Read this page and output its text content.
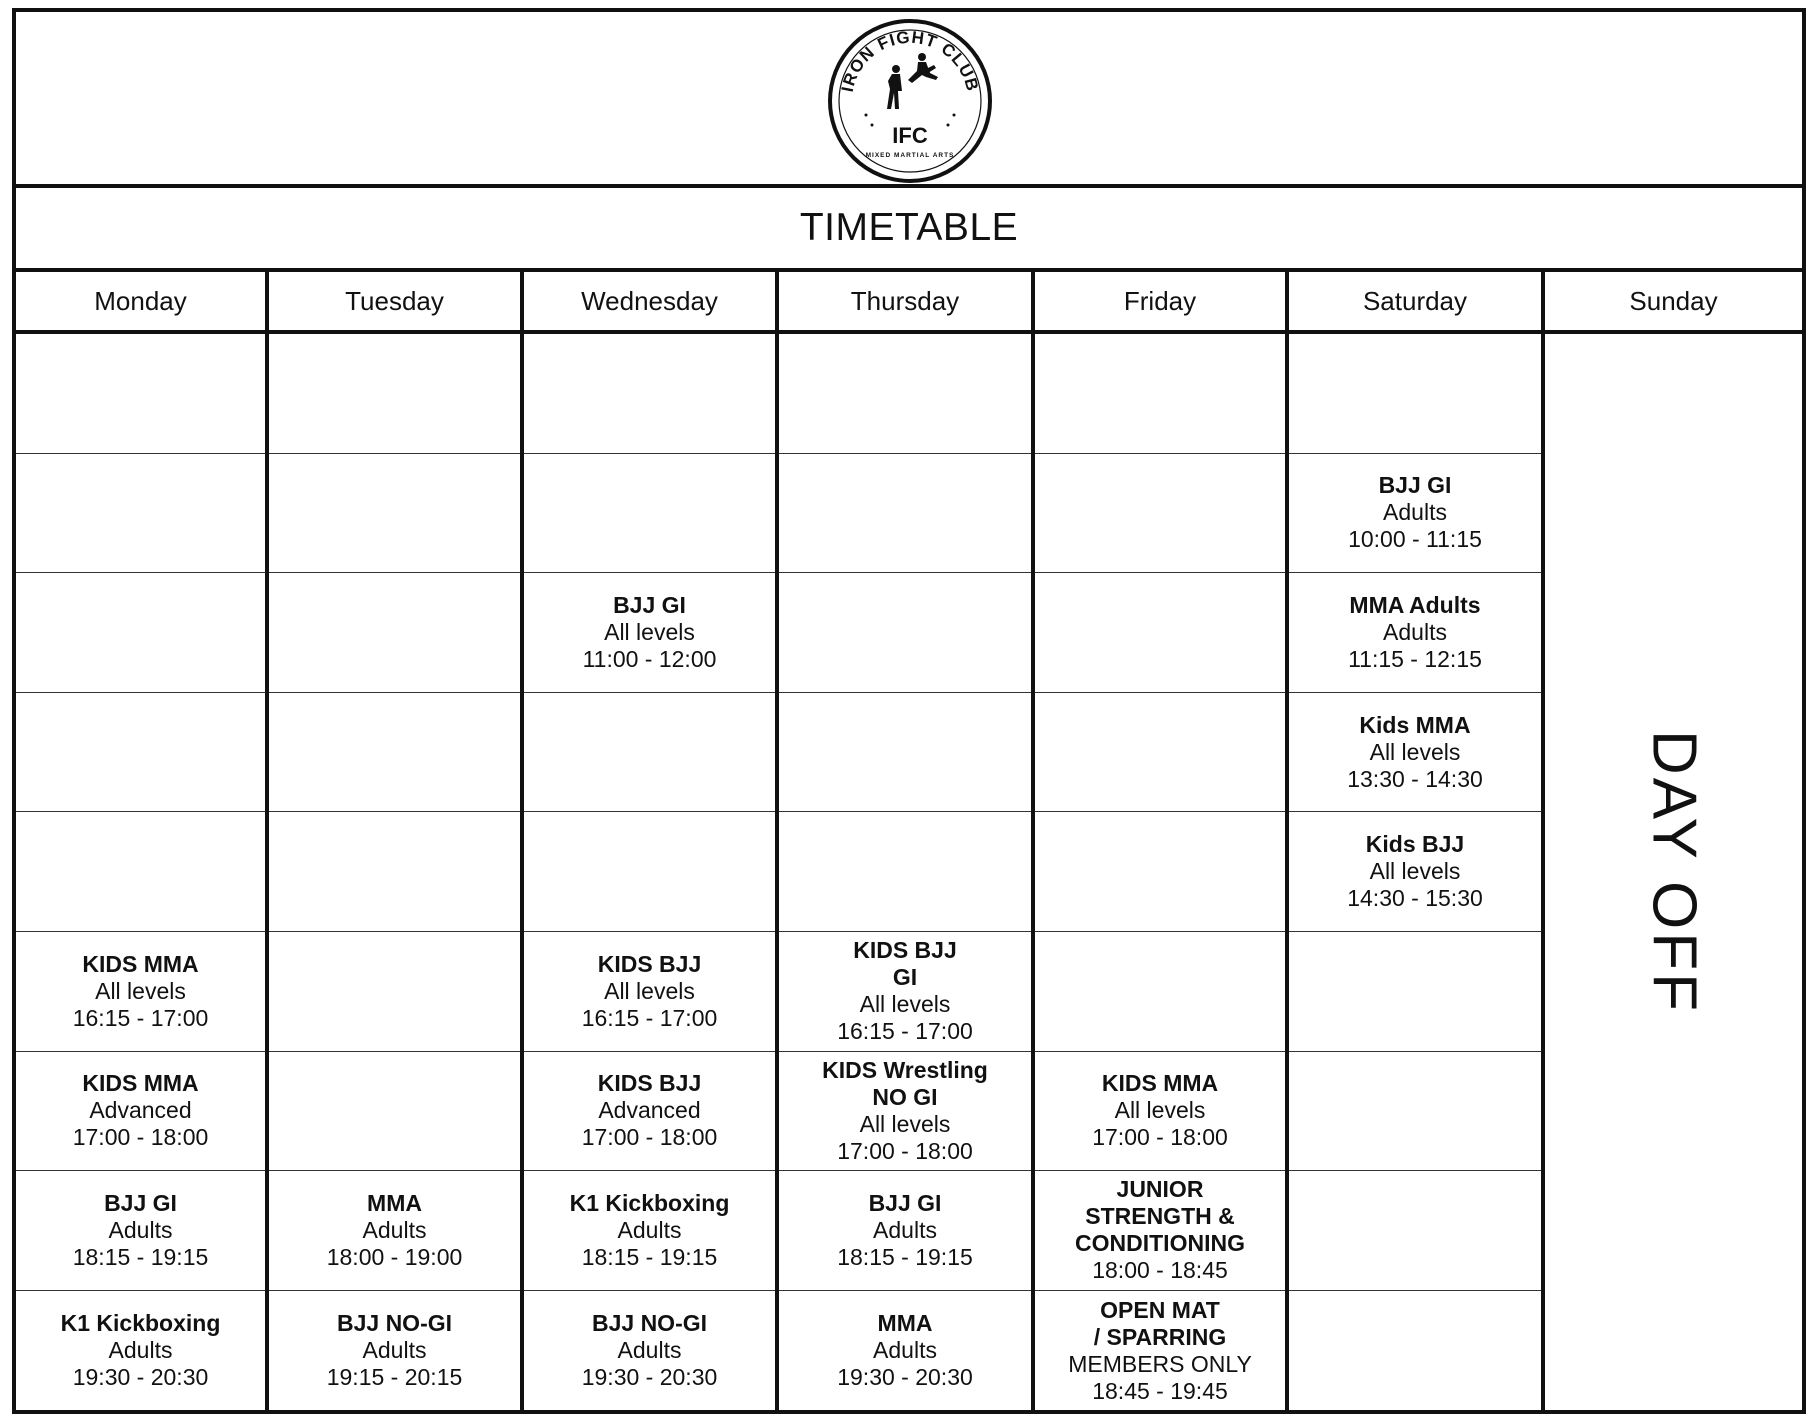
IRON FIGHT CLUB
IFC
MIXED MARTIAL ARTS
TIMETABLE
Monday
KIDS MMA
All levels
16:15 - 17:00
KIDS MMA
Advanced
17:00 - 18:00
BJJ GI
Adults
18:15 - 19:15
K1 Kickboxing
Adults
19:30 - 20:30
Tuesday
MMA
Adults
18:00 - 19:00
BJJ NO-GI
Adults
19:15 - 20:15
Wednesday
BJJ GI
All levels
11:00 - 12:00
KIDS BJJ
All levels
16:15 - 17:00
KIDS BJJ
Advanced
17:00 - 18:00
K1 Kickboxing
Adults
18:15 - 19:15
BJJ NO-GI
Adults
19:30 - 20:30
Thursday
KIDS BJJ
GI
All levels
16:15 - 17:00
KIDS Wrestling
NO GI
All levels
17:00 - 18:00
BJJ GI
Adults
18:15 - 19:15
MMA
Adults
19:30 - 20:30
Friday
KIDS MMA
All levels
17:00 - 18:00
JUNIOR
STRENGTH &
CONDITIONING
18:00 - 18:45
OPEN MAT
/ SPARRING
MEMBERS ONLY
18:45 - 19:45
Saturday
BJJ GI
Adults
10:00 - 11:15
MMA Adults
Adults
11:15 - 12:15
Kids MMA
All levels
13:30 - 14:30
Kids BJJ
All levels
14:30 - 15:30
Sunday
DAY OFF
